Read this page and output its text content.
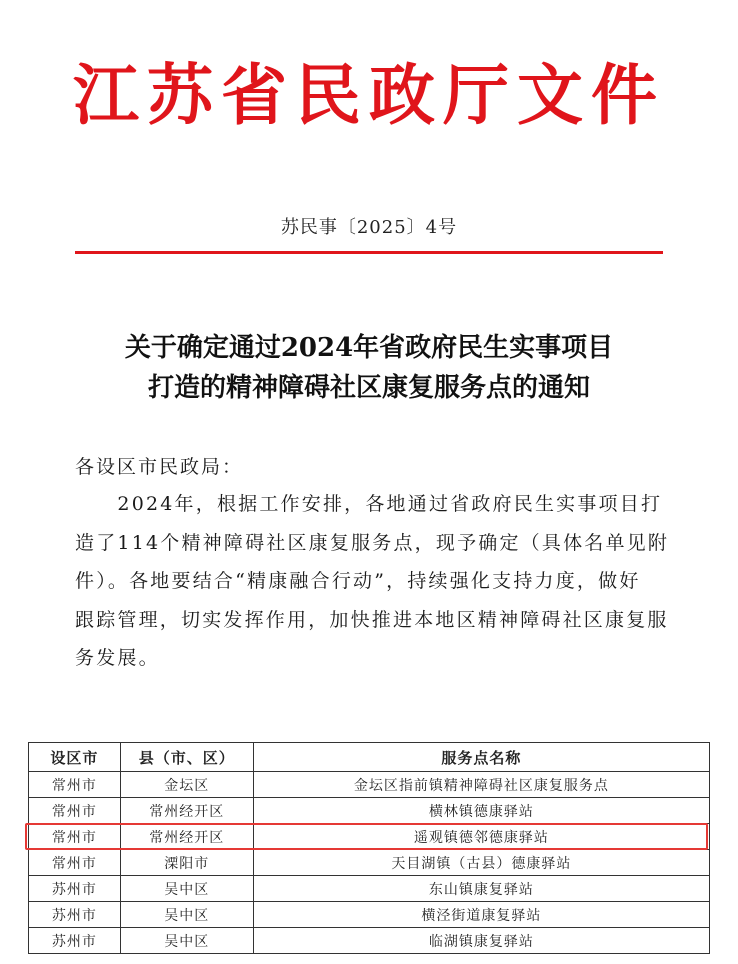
江苏省民政厅文件
苏民事〔2025〕4号
关于确定通过2024年省政府民生实事项目
打造的精神障碍社区康复服务点的通知
各设区市民政局：
　　2024年，根据工作安排，各地通过省政府民生实事项目打
造了114个精神障碍社区康复服务点，现予确定（具体名单见附
件）。各地要结合“精康融合行动”，持续强化支持力度，做好
跟踪管理，切实发挥作用，加快推进本地区精神障碍社区康复服
务发展。
设区市	县（市、区）	服务点名称
常州市	金坛区	金坛区指前镇精神障碍社区康复服务点
常州市	常州经开区	横林镇德康驿站
常州市	常州经开区	遥观镇德邻德康驿站
常州市	溧阳市	天目湖镇（古县）德康驿站
苏州市	吴中区	东山镇康复驿站
苏州市	吴中区	横泾街道康复驿站
苏州市	吴中区	临湖镇康复驿站
